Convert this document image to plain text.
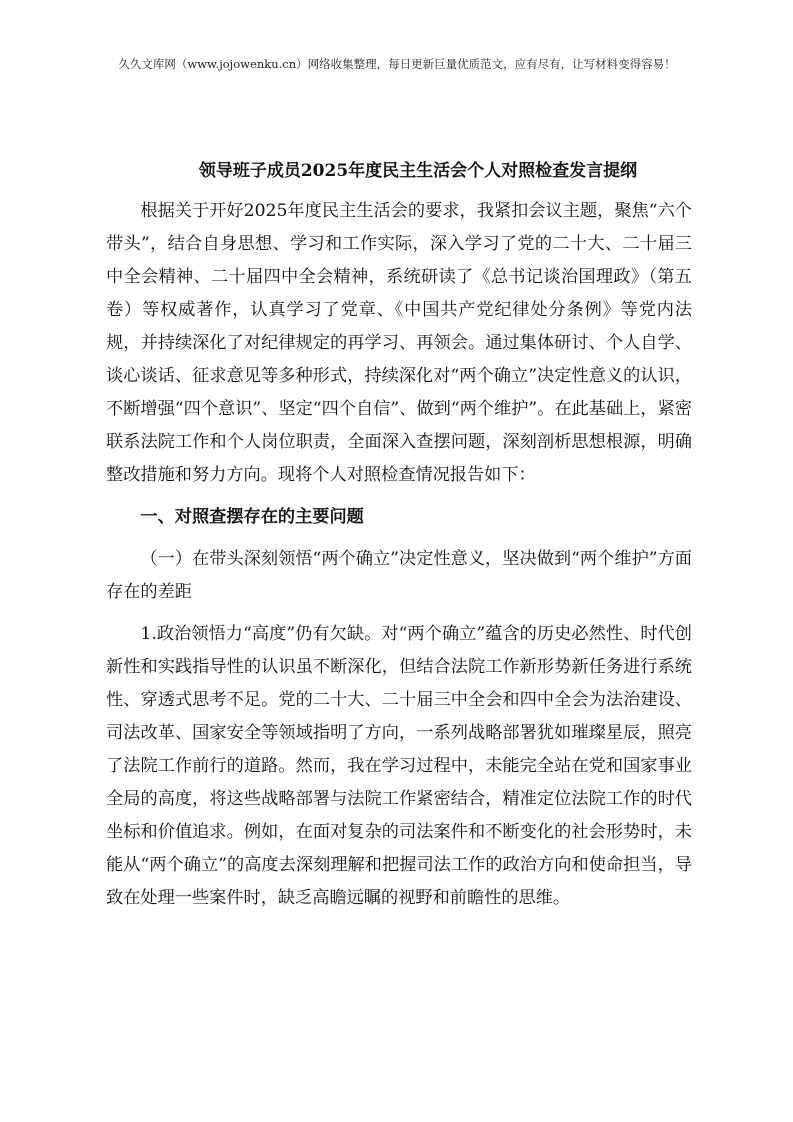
久久文库网（www.jojowenku.cn）网络收集整理，每日更新巨量优质范文，应有尽有，让写材料变得容易！
领导班子成员2025年度民主生活会个人对照检查发言提纲

根据关于开好2025年度民主生活会的要求，我紧扣会议主题，聚焦“六个带头”，结合自身思想、学习和工作实际，深入学习了党的二十大、二十届三中全会精神、二十届四中全会精神，系统研读了《总书记谈治国理政》（第五卷）等权威著作，认真学习了党章、《中国共产党纪律处分条例》等党内法规，并持续深化了对纪律规定的再学习、再领会。通过集体研讨、个人自学、谈心谈话、征求意见等多种形式，持续深化对“两个确立”决定性意义的认识，不断增强“四个意识”、坚定“四个自信”、做到“两个维护”。在此基础上，紧密联系法院工作和个人岗位职责，全面深入查摆问题，深刻剖析思想根源，明确整改措施和努力方向。现将个人对照检查情况报告如下：

一、对照查摆存在的主要问题

（一）在带头深刻领悟“两个确立”决定性意义，坚决做到“两个维护”方面存在的差距

1.政治领悟力“高度”仍有欠缺。对“两个确立”蕴含的历史必然性、时代创新性和实践指导性的认识虽不断深化，但结合法院工作新形势新任务进行系统性、穿透式思考不足。党的二十大、二十届三中全会和四中全会为法治建设、司法改革、国家安全等领域指明了方向，一系列战略部署犹如璀璨星辰，照亮了法院工作前行的道路。然而，我在学习过程中，未能完全站在党和国家事业全局的高度，将这些战略部署与法院工作紧密结合，精准定位法院工作的时代坐标和价值追求。例如，在面对复杂的司法案件和不断变化的社会形势时，未能从“两个确立”的高度去深刻理解和把握司法工作的政治方向和使命担当，导致在处理一些案件时，缺乏高瞻远瞩的视野和前瞻性的思维。
